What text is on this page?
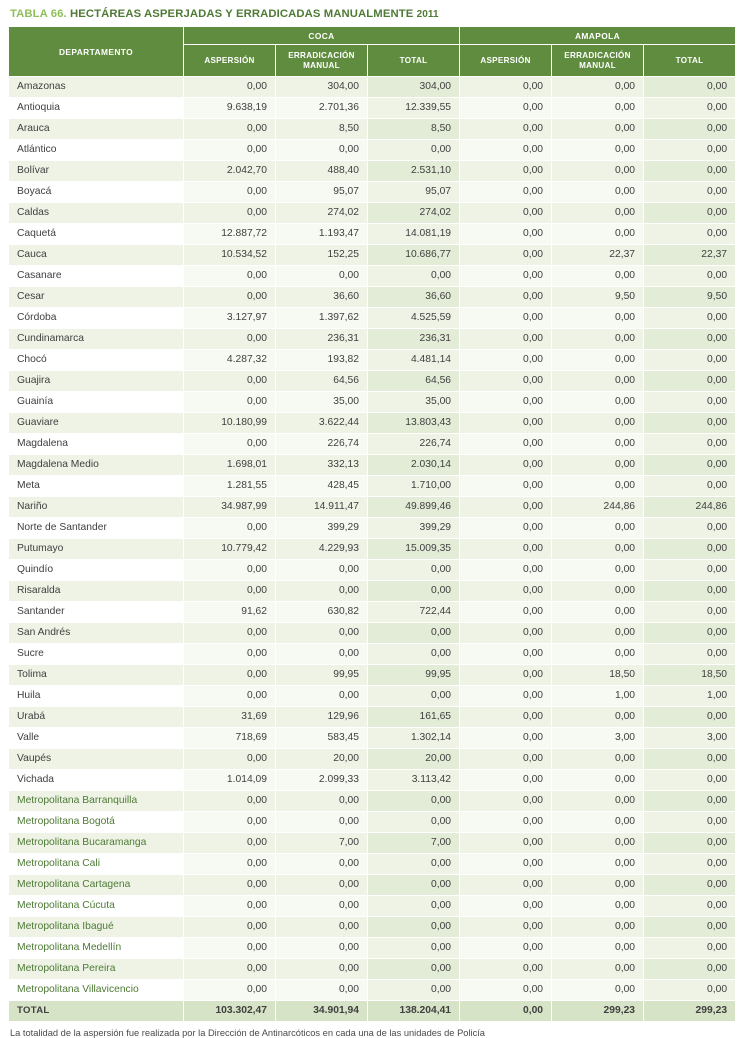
TABLA 66. HECTÁREAS ASPERJADAS Y ERRADICADAS MANUALMENTE 2011
DEPARTAMENTO	COCA			AMAPOLA		
	ASPERSIÓN	ERRADICACIÓN MANUAL	TOTAL	ASPERSIÓN	ERRADICACIÓN MANUAL	TOTAL
Amazonas	0,00	304,00	304,00	0,00	0,00	0,00
Antioquia	9.638,19	2.701,36	12.339,55	0,00	0,00	0,00
Arauca	0,00	8,50	8,50	0,00	0,00	0,00
Atlántico	0,00	0,00	0,00	0,00	0,00	0,00
Bolívar	2.042,70	488,40	2.531,10	0,00	0,00	0,00
Boyacá	0,00	95,07	95,07	0,00	0,00	0,00
Caldas	0,00	274,02	274,02	0,00	0,00	0,00
Caquetá	12.887,72	1.193,47	14.081,19	0,00	0,00	0,00
Cauca	10.534,52	152,25	10.686,77	0,00	22,37	22,37
Casanare	0,00	0,00	0,00	0,00	0,00	0,00
Cesar	0,00	36,60	36,60	0,00	9,50	9,50
Córdoba	3.127,97	1.397,62	4.525,59	0,00	0,00	0,00
Cundinamarca	0,00	236,31	236,31	0,00	0,00	0,00
Chocó	4.287,32	193,82	4.481,14	0,00	0,00	0,00
Guajira	0,00	64,56	64,56	0,00	0,00	0,00
Guainía	0,00	35,00	35,00	0,00	0,00	0,00
Guaviare	10.180,99	3.622,44	13.803,43	0,00	0,00	0,00
Magdalena	0,00	226,74	226,74	0,00	0,00	0,00
Magdalena Medio	1.698,01	332,13	2.030,14	0,00	0,00	0,00
Meta	1.281,55	428,45	1.710,00	0,00	0,00	0,00
Nariño	34.987,99	14.911,47	49.899,46	0,00	244,86	244,86
Norte de Santander	0,00	399,29	399,29	0,00	0,00	0,00
Putumayo	10.779,42	4.229,93	15.009,35	0,00	0,00	0,00
Quindío	0,00	0,00	0,00	0,00	0,00	0,00
Risaralda	0,00	0,00	0,00	0,00	0,00	0,00
Santander	91,62	630,82	722,44	0,00	0,00	0,00
San Andrés	0,00	0,00	0,00	0,00	0,00	0,00
Sucre	0,00	0,00	0,00	0,00	0,00	0,00
Tolima	0,00	99,95	99,95	0,00	18,50	18,50
Huila	0,00	0,00	0,00	0,00	1,00	1,00
Urabá	31,69	129,96	161,65	0,00	0,00	0,00
Valle	718,69	583,45	1.302,14	0,00	3,00	3,00
Vaupés	0,00	20,00	20,00	0,00	0,00	0,00
Vichada	1.014,09	2.099,33	3.113,42	0,00	0,00	0,00
Metropolitana Barranquilla	0,00	0,00	0,00	0,00	0,00	0,00
Metropolitana Bogotá	0,00	0,00	0,00	0,00	0,00	0,00
Metropolitana Bucaramanga	0,00	7,00	7,00	0,00	0,00	0,00
Metropolitana Cali	0,00	0,00	0,00	0,00	0,00	0,00
Metropolitana Cartagena	0,00	0,00	0,00	0,00	0,00	0,00
Metropolitana Cúcuta	0,00	0,00	0,00	0,00	0,00	0,00
Metropolitana Ibagué	0,00	0,00	0,00	0,00	0,00	0,00
Metropolitana Medellín	0,00	0,00	0,00	0,00	0,00	0,00
Metropolitana Pereira	0,00	0,00	0,00	0,00	0,00	0,00
Metropolitana Villavicencio	0,00	0,00	0,00	0,00	0,00	0,00
TOTAL	103.302,47	34.901,94	138.204,41	0,00	299,23	299,23
La totalidad de la aspersión fue realizada por la Dirección de Antinarcóticos en cada una de las unidades de Policía
